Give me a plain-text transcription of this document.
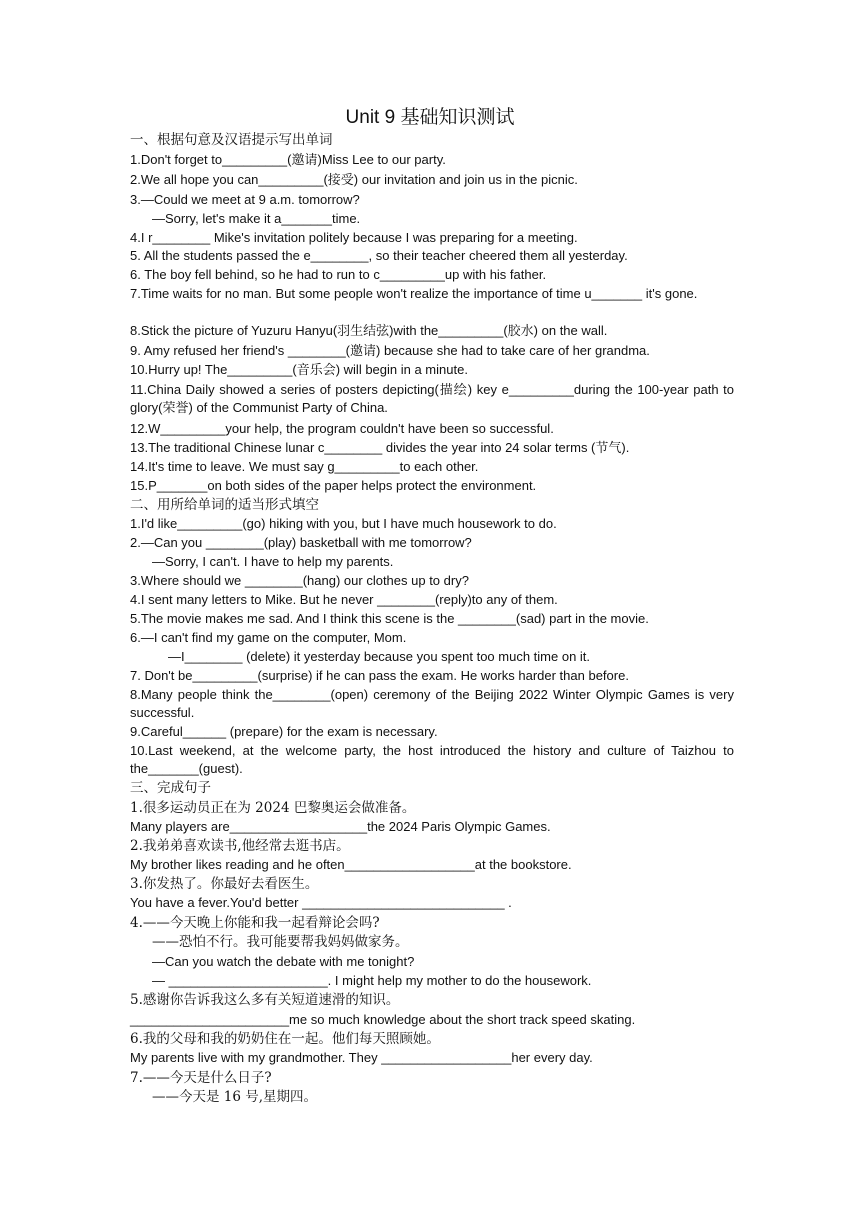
Unit 9 基础知识测试
一、根据句意及汉语提示写出单词
1.Don't forget to_________(邀请)Miss Lee to our party.
2.We all hope you can_________(接受) our invitation and join us in the picnic.
3.—Could we meet at 9 a.m. tomorrow?
—Sorry, let's make it a_______time.
4.I r________ Mike's invitation politely because I was preparing for a meeting.
5. All the students passed the e________, so their teacher cheered them all yesterday.
6. The boy fell behind, so he had to run to c_________up with his father.
7.Time waits for no man. But some people won't realize the importance of time u_______ it's gone.
8.Stick the picture of Yuzuru Hanyu(羽生结弦)with the_________(胶水) on the wall.
9. Amy refused her friend's ________(邀请) because she had to take care of her grandma.
10.Hurry up! The_________(音乐会) will begin in a minute.
11.China Daily showed a series of posters depicting(描绘) key e_________during the 100-year path to glory(荣誉) of the Communist Party of China.
12.W_________your help, the program couldn't have been so successful.
13.The traditional Chinese lunar c________ divides the year into 24 solar terms (节气).
14.It's time to leave. We must say g_________to each other.
15.P_______on both sides of the paper helps protect the environment.
二、用所给单词的适当形式填空
1.I'd like_________(go) hiking with you, but I have much housework to do.
2.—Can you ________(play) basketball with me tomorrow?
—Sorry, I can't. I have to help my parents.
3.Where should we ________(hang) our clothes up to dry?
4.I sent many letters to Mike. But he never ________(reply)to any of them.
5.The movie makes me sad. And I think this scene is the ________(sad) part in the movie.
6.—I can't find my game on the computer, Mom.
—I________ (delete) it yesterday because you spent too much time on it.
7. Don't be_________(surprise) if he can pass the exam. He works harder than before.
8.Many people think the________(open) ceremony of the Beijing 2022 Winter Olympic Games is very successful.
9.Careful______ (prepare) for the exam is necessary.
10.Last weekend, at the welcome party, the host introduced the history and culture of Taizhou to the_______(guest).
三、完成句子
1.很多运动员正在为 2024 巴黎奥运会做准备。
Many players are___________________the 2024 Paris Olympic Games.
2.我弟弟喜欢读书,他经常去逛书店。
My brother likes reading and he often__________________at the bookstore.
3.你发热了。你最好去看医生。
You have a fever.You'd better ____________________________ .
4.——今天晚上你能和我一起看辩论会吗?
——恐怕不行。我可能要帮我妈妈做家务。
—Can you watch the debate with me tonight?
— ______________________. I might help my mother to do the housework.
5.感谢你告诉我这么多有关短道速滑的知识。
______________________me so much knowledge about the short track speed skating.
6.我的父母和我的奶奶住在一起。他们每天照顾她。
My parents live with my grandmother. They __________________her every day.
7.——今天是什么日子?
——今天是 16 号,星期四。
